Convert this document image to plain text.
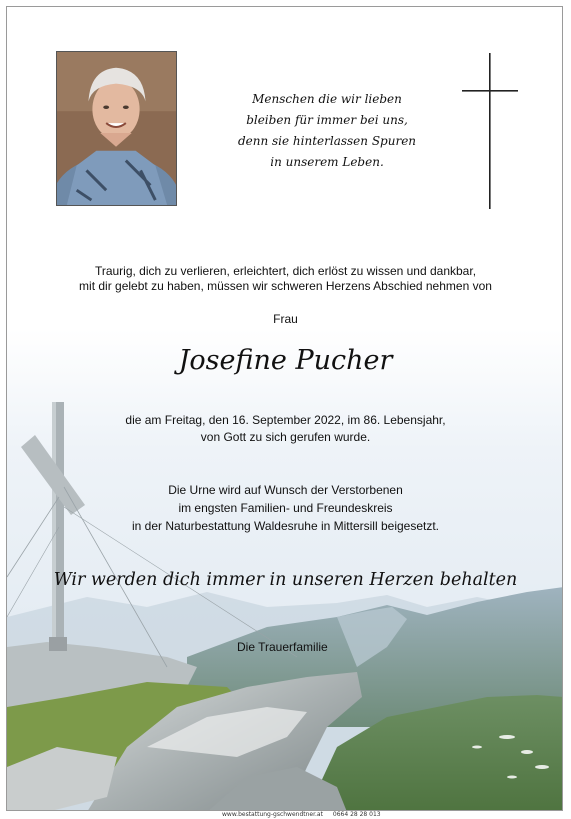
Menschen die wir lieben
bleiben für immer bei uns,
denn sie hinterlassen Spuren
in unserem Leben.
Traurig, dich zu verlieren, erleichtert, dich erlöst zu wissen und dankbar,
mit dir gelebt zu haben, müssen wir schweren Herzens Abschied nehmen von
Frau
Josefine Pucher
die am Freitag, den 16. September 2022, im 86. Lebensjahr,
von Gott zu sich gerufen wurde.
Die Urne wird auf Wunsch der Verstorbenen
im engsten Familien- und Freundeskreis
in der Naturbestattung Waldesruhe in Mittersill beigesetzt.
Wir werden dich immer in unseren Herzen behalten
Die Trauerfamilie
www.bestattung-gschwendtner.at 0664 28 28 013
